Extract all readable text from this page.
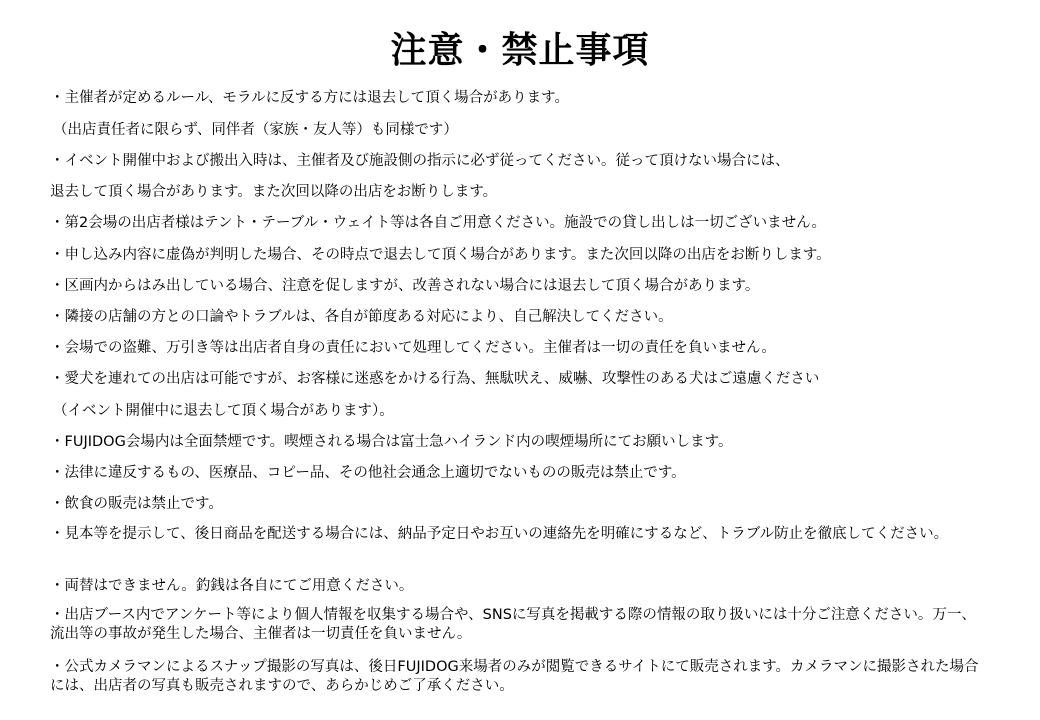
注意・禁止事項
・主催者が定めるルール、モラルに反する方には退去して頂く場合があります。
（出店責任者に限らず、同伴者（家族・友人等）も同様です）
・イベント開催中および搬出入時は、主催者及び施設側の指示に必ず従ってください。従って頂けない場合には、
退去して頂く場合があります。また次回以降の出店をお断りします。
・第2会場の出店者様はテント・テーブル・ウェイト等は各自ご用意ください。施設での貸し出しは一切ございません。
・申し込み内容に虚偽が判明した場合、その時点で退去して頂く場合があります。また次回以降の出店をお断りします。
・区画内からはみ出している場合、注意を促しますが、改善されない場合には退去して頂く場合があります。
・隣接の店舗の方との口論やトラブルは、各自が節度ある対応により、自己解決してください。
・会場での盗難、万引き等は出店者自身の責任において処理してください。主催者は一切の責任を負いません。
・愛犬を連れての出店は可能ですが、お客様に迷惑をかける行為、無駄吠え、威嚇、攻撃性のある犬はご遠慮ください
（イベント開催中に退去して頂く場合があります）。
・FUJIDOG会場内は全面禁煙です。喫煙される場合は富士急ハイランド内の喫煙場所にてお願いします。
・法律に違反するもの、医療品、コピー品、その他社会通念上適切でないものの販売は禁止です。
・飲食の販売は禁止です。
・見本等を提示して、後日商品を配送する場合には、納品予定日やお互いの連絡先を明確にするなど、トラブル防止を徹底してください。
・両替はできません。釣銭は各自にてご用意ください。
・出店ブース内でアンケート等により個人情報を収集する場合や、SNSに写真を掲載する際の情報の取り扱いには十分ご注意ください。万一、流出等の事故が発生した場合、主催者は一切責任を負いません。
・公式カメラマンによるスナップ撮影の写真は、後日FUJIDOG来場者のみが閲覧できるサイトにて販売されます。カメラマンに撮影された場合には、出店者の写真も販売されますので、あらかじめご了承ください。
